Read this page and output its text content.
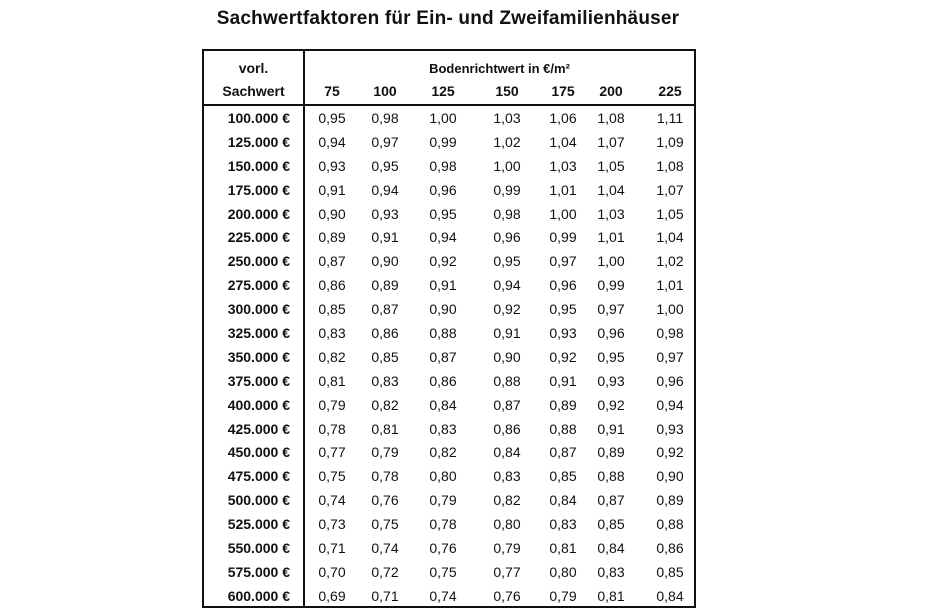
Sachwertfaktoren für Ein- und Zweifamilienhäuser
vorl.
Sachwert
Bodenrichtwert in €/m²
75	100	125	150	175	200	225
100.000 €	0,95	0,98	1,00	1,03	1,06	1,08	1,11
125.000 €	0,94	0,97	0,99	1,02	1,04	1,07	1,09
150.000 €	0,93	0,95	0,98	1,00	1,03	1,05	1,08
175.000 €	0,91	0,94	0,96	0,99	1,01	1,04	1,07
200.000 €	0,90	0,93	0,95	0,98	1,00	1,03	1,05
225.000 €	0,89	0,91	0,94	0,96	0,99	1,01	1,04
250.000 €	0,87	0,90	0,92	0,95	0,97	1,00	1,02
275.000 €	0,86	0,89	0,91	0,94	0,96	0,99	1,01
300.000 €	0,85	0,87	0,90	0,92	0,95	0,97	1,00
325.000 €	0,83	0,86	0,88	0,91	0,93	0,96	0,98
350.000 €	0,82	0,85	0,87	0,90	0,92	0,95	0,97
375.000 €	0,81	0,83	0,86	0,88	0,91	0,93	0,96
400.000 €	0,79	0,82	0,84	0,87	0,89	0,92	0,94
425.000 €	0,78	0,81	0,83	0,86	0,88	0,91	0,93
450.000 €	0,77	0,79	0,82	0,84	0,87	0,89	0,92
475.000 €	0,75	0,78	0,80	0,83	0,85	0,88	0,90
500.000 €	0,74	0,76	0,79	0,82	0,84	0,87	0,89
525.000 €	0,73	0,75	0,78	0,80	0,83	0,85	0,88
550.000 €	0,71	0,74	0,76	0,79	0,81	0,84	0,86
575.000 €	0,70	0,72	0,75	0,77	0,80	0,83	0,85
600.000 €	0,69	0,71	0,74	0,76	0,79	0,81	0,84
